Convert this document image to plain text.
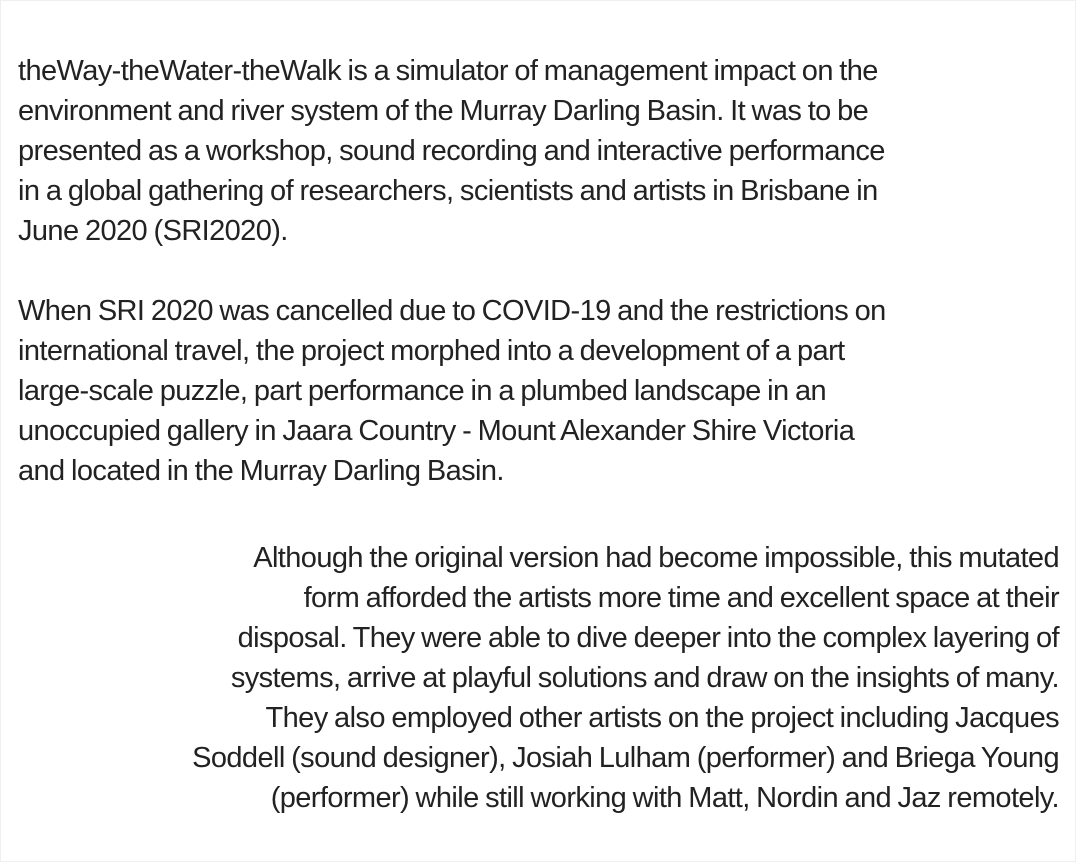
theWay-theWater-theWalk is a simulator of management impact on the
environment and river system of the Murray Darling Basin. It was to be
presented as a workshop, sound recording and interactive performance
in a global gathering of researchers, scientists and artists in Brisbane in
June 2020 (SRI2020).

When SRI 2020 was cancelled due to COVID-19 and the restrictions on
international travel, the project morphed into a development of a part
large-scale puzzle, part performance in a plumbed landscape in an
unoccupied gallery in Jaara Country - Mount Alexander Shire Victoria
and located in the Murray Darling Basin.

Although the original version had become impossible, this mutated
form afforded the artists more time and excellent space at their
disposal. They were able to dive deeper into the complex layering of
systems, arrive at playful solutions and draw on the insights of many.
They also employed other artists on the project including Jacques
Soddell (sound designer), Josiah Lulham (performer) and Briega Young
(performer) while still working with Matt, Nordin and Jaz remotely.
